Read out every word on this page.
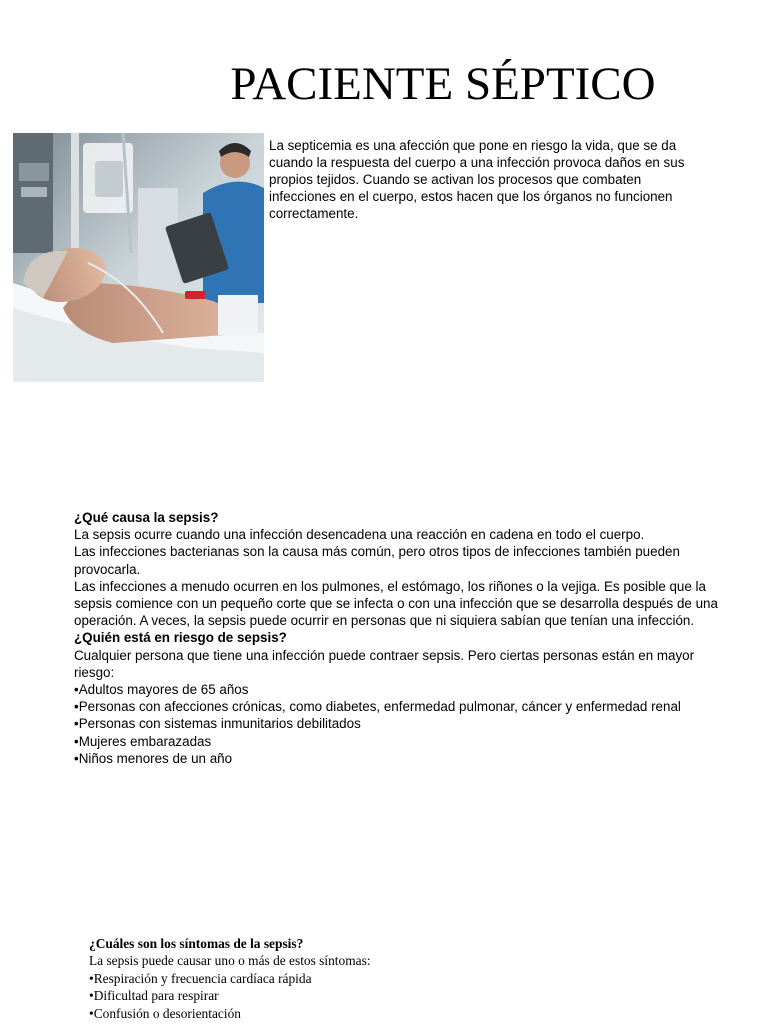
PACIENTE SÉPTICO

La septicemia es una afección que pone en riesgo la vida, que se da cuando la respuesta del cuerpo a una infección provoca daños en sus propios tejidos. Cuando se activan los procesos que combaten infecciones en el cuerpo, estos hacen que los órganos no funcionen correctamente.

¿Qué causa la sepsis?

La sepsis ocurre cuando una infección desencadena una reacción en cadena en todo el cuerpo.

Las infecciones bacterianas son la causa más común, pero otros tipos de infecciones también pueden provocarla.

Las infecciones a menudo ocurren en los pulmones, el estómago, los riñones o la vejiga. Es posible que la sepsis comience con un pequeño corte que se infecta o con una infección que se desarrolla después de una operación. A veces, la sepsis puede ocurrir en personas que ni siquiera sabían que tenían una infección.

¿Quién está en riesgo de sepsis?

Cualquier persona que tiene una infección puede contraer sepsis. Pero ciertas personas están en mayor riesgo:

•Adultos mayores de 65 años

•Personas con afecciones crónicas, como diabetes, enfermedad pulmonar, cáncer y enfermedad renal

•Personas con sistemas inmunitarios debilitados

•Mujeres embarazadas

•Niños menores de un año

¿Cuáles son los síntomas de la sepsis?

La sepsis puede causar uno o más de estos síntomas:

•Respiración y frecuencia cardíaca rápida

•Dificultad para respirar

•Confusión o desorientación
